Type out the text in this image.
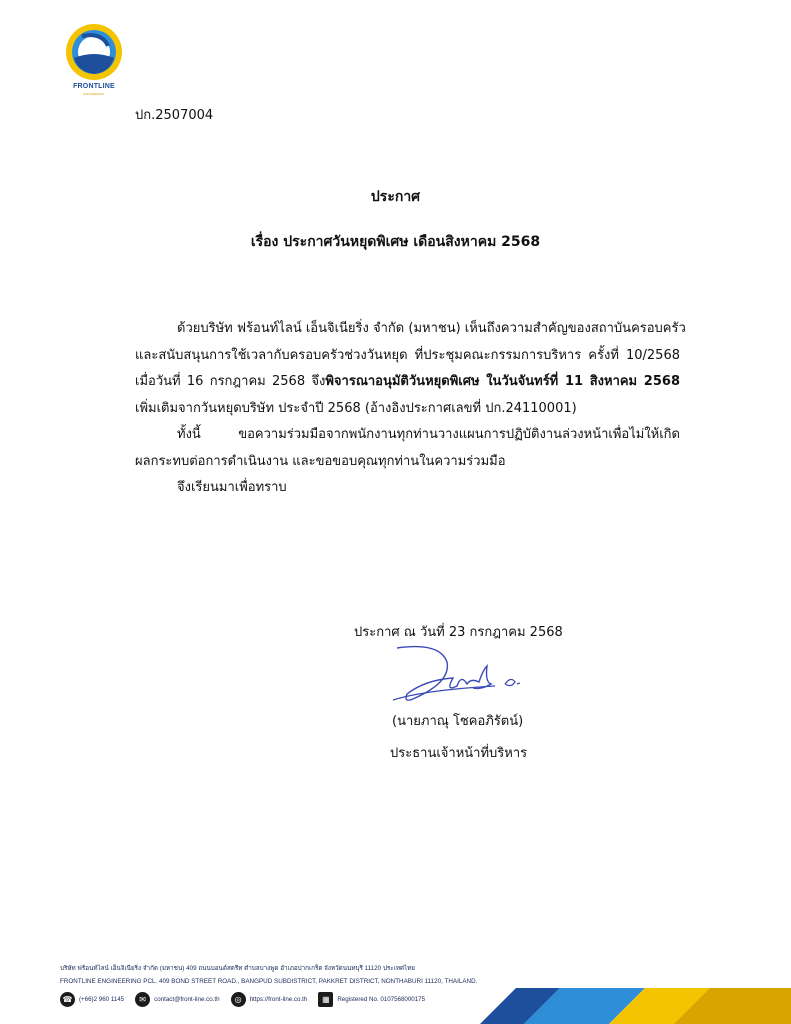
FRONTLINE
ENGINEERING
ปก.2507004
ประกาศ
เรื่อง ประกาศวันหยุดพิเศษ เดือนสิงหาคม 2568
ด้วยบริษัท ฟร้อนท์ไลน์ เอ็นจิเนียริ่ง จำกัด (มหาชน) เห็นถึงความสำคัญของสถาบันครอบครัว
และสนับสนุนการใช้เวลากับครอบครัวช่วงวันหยุด ที่ประชุมคณะกรรมการบริหาร ครั้งที่ 10/2568
เมื่อวันที่ 16 กรกฎาคม 2568 จึงพิจารณาอนุมัติวันหยุดพิเศษ ในวันจันทร์ที่ 11 สิงหาคม 2568
เพิ่มเติมจากวันหยุดบริษัท ประจำปี 2568 (อ้างอิงประกาศเลขที่ ปก.24110001)
ทั้งนี้ ขอความร่วมมือจากพนักงานทุกท่านวางแผนการปฏิบัติงานล่วงหน้าเพื่อไม่ให้เกิด
ผลกระทบต่อการดำเนินงาน และขอขอบคุณทุกท่านในความร่วมมือ
จึงเรียนมาเพื่อทราบ
ประกาศ ณ วันที่ 23 กรกฎาคม 2568
(นายภาณุ โชคอภิรัตน์)
ประธานเจ้าหน้าที่บริหาร
บริษัท ฟร้อนท์ไลน์ เอ็นจิเนียริ่ง จำกัด (มหาชน) 409 ถนนบอนด์สตรีท ตำบลบางพูด อำเภอปากเกร็ด จังหวัดนนทบุรี 11120 ประเทศไทย
FRONTLINE ENGINEERING PCL. 409 BOND STREET ROAD., BANGPUD SUBDISTRICT, PAKKRET DISTRICT, NONTHABURI 11120, THAILAND.
☎	(+66)2 960 1145	✉	contact@front-line.co.th	◎	https://front-line.co.th	▦	Registered No. 0107568000175
